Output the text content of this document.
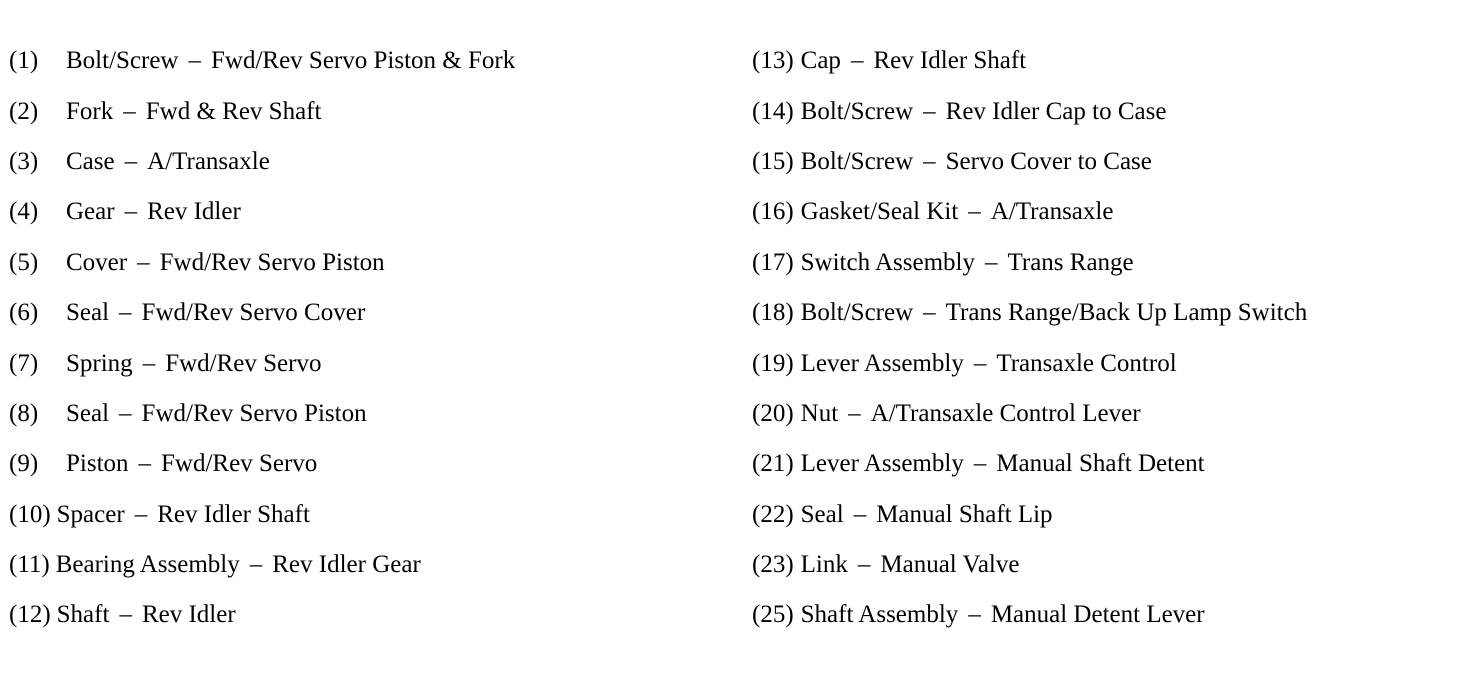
(1)	Bolt/Screw – Fwd/Rev Servo Piston & Fork
(2)	Fork – Fwd & Rev Shaft
(3)	Case – A/Transaxle
(4)	Gear – Rev Idler
(5)	Cover – Fwd/Rev Servo Piston
(6)	Seal – Fwd/Rev Servo Cover
(7)	Spring – Fwd/Rev Servo
(8)	Seal – Fwd/Rev Servo Piston
(9)	Piston – Fwd/Rev Servo
(10) Spacer – Rev Idler Shaft
(11) Bearing Assembly – Rev Idler Gear
(12) Shaft – Rev Idler
(13) Cap – Rev Idler Shaft
(14) Bolt/Screw – Rev Idler Cap to Case
(15) Bolt/Screw – Servo Cover to Case
(16) Gasket/Seal Kit – A/Transaxle
(17) Switch Assembly – Trans Range
(18) Bolt/Screw – Trans Range/Back Up Lamp Switch
(19) Lever Assembly – Transaxle Control
(20) Nut – A/Transaxle Control Lever
(21) Lever Assembly – Manual Shaft Detent
(22) Seal – Manual Shaft Lip
(23) Link – Manual Valve
(25) Shaft Assembly – Manual Detent Lever
